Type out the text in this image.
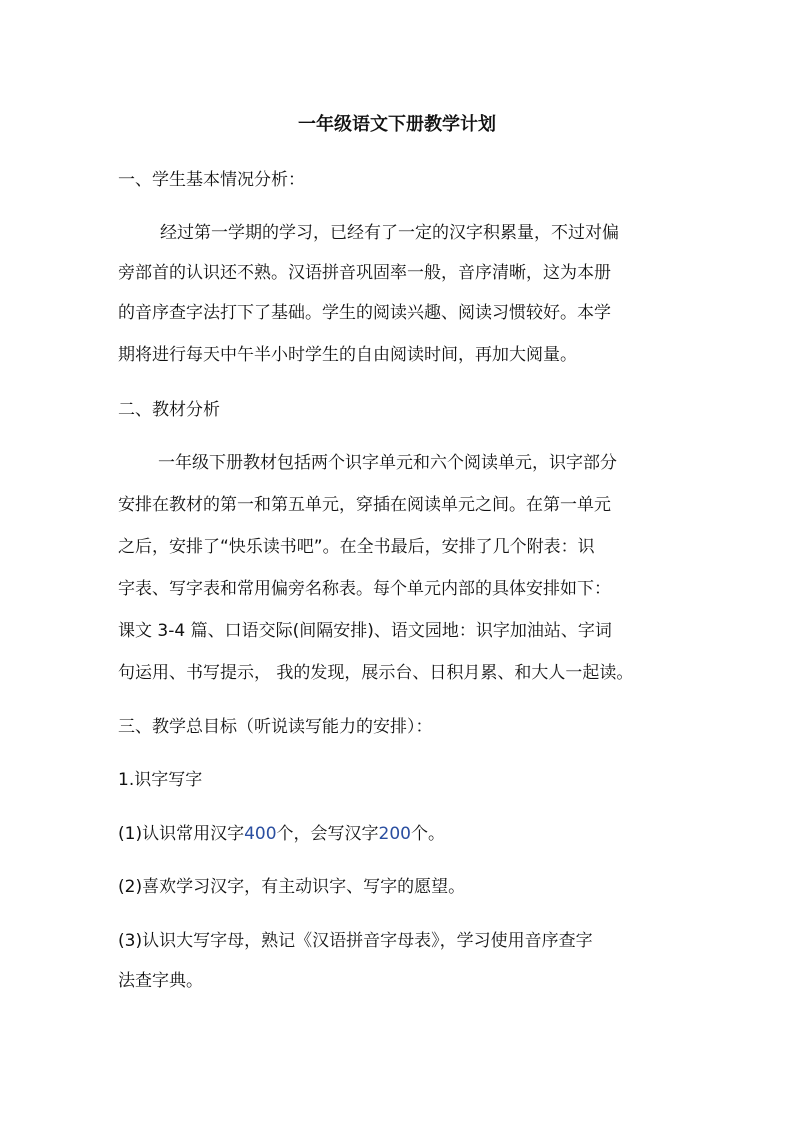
一年级语文下册教学计划

一、学生基本情况分析：

经过第一学期的学习，已经有了一定的汉字积累量，不过对偏

旁部首的认识还不熟。汉语拼音巩固率一般，音序清晰，这为本册

的音序查字法打下了基础。学生的阅读兴趣、阅读习惯较好。本学

期将进行每天中午半小时学生的自由阅读时间，再加大阅量。

二、教材分析

一年级下册教材包括两个识字单元和六个阅读单元，识字部分

安排在教材的第一和第五单元，穿插在阅读单元之间。在第一单元

之后，安排了“快乐读书吧”。在全书最后，安排了几个附表：识

字表、写字表和常用偏旁名称表。每个单元内部的具体安排如下：

课文 3-4 篇、口语交际(间隔安排)、语文园地：识字加油站、字词

句运用、书写提示， 我的发现，展示台、日积月累、和大人一起读。

三、教学总目标（听说读写能力的安排）：

1.识字写字

(1)认识常用汉字400个，会写汉字200个。

(2)喜欢学习汉字，有主动识字、写字的愿望。

(3)认识大写字母，熟记《汉语拼音字母表》，学习使用音序查字

法查字典。
